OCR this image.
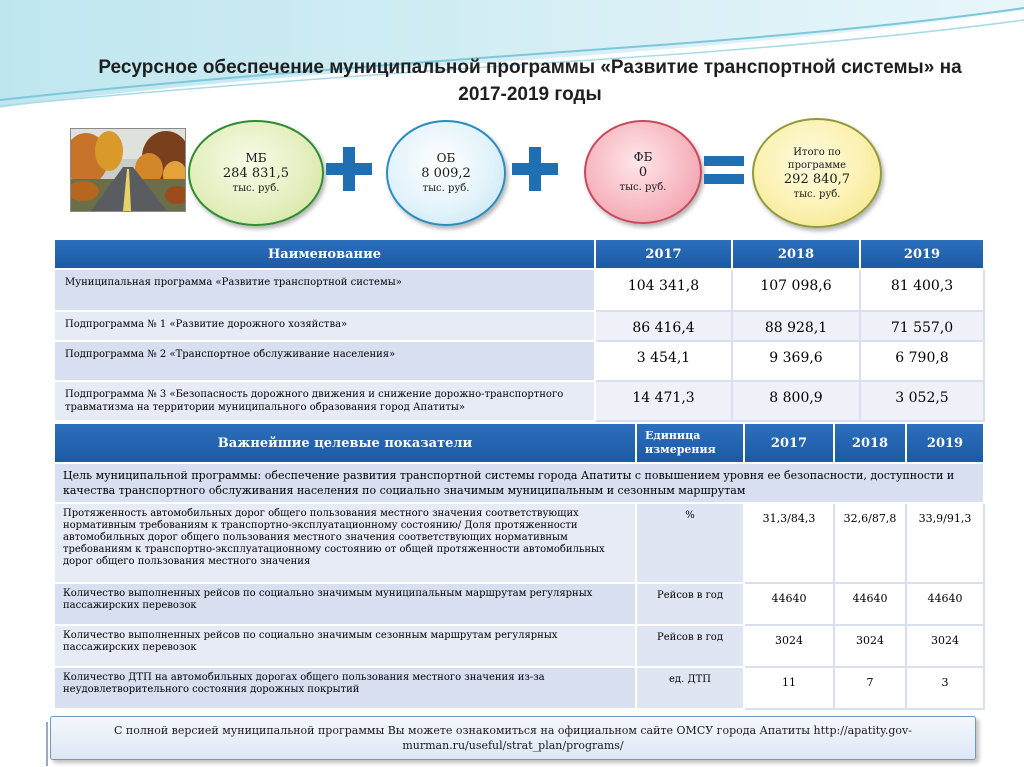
Ресурсное обеспечение муниципальной программы «Развитие транспортной системы» на
2017-2019 годы
МБ
284 831,5
тыс. руб.
ОБ
8 009,2
тыс. руб.
ФБ
0
тыс. руб.
Итого по
программе
292 840,7
тыс. руб.
Наименование	2017	2018	2019
Муниципальная программа «Развитие транспортной системы»	104 341,8	107 098,6	81 400,3
Подпрограмма № 1 «Развитие дорожного хозяйства»	86 416,4	88 928,1	71 557,0
Подпрограмма № 2 «Транспортное обслуживание населения»	3 454,1	9 369,6	6 790,8
Подпрограмма № 3 «Безопасность дорожного движения и снижение дорожно-транспортного травматизма на территории муниципального образования город Апатиты»	14 471,3	8 800,9	3 052,5
Важнейшие целевые показатели	Единица измерения	2017	2018	2019
Цель муниципальной программы: обеспечение развития транспортной системы города Апатиты с повышением уровня ее безопасности, доступности и качества транспортного обслуживания населения по социально значимым муниципальным и сезонным маршрутам				
Протяженность автомобильных дорог общего пользования местного значения соответствующих нормативным требованиям к транспортно-эксплуатационному состоянию/ Доля протяженности автомобильных дорог общего пользования местного значения соответствующих нормативным требованиям к транспортно-эксплуатационному состоянию от общей протяженности автомобильных дорог общего пользования местного значения	%	31,3/84,3	32,6/87,8	33,9/91,3
Количество выполненных рейсов по социально значимым муниципальным маршрутам регулярных пассажирских перевозок	Рейсов в год	44640	44640	44640
Количество выполненных рейсов по социально значимым сезонным маршрутам регулярных пассажирских перевозок	Рейсов в год	3024	3024	3024
Количество ДТП на автомобильных дорогах общего пользования местного значения из-за неудовлетворительного состояния дорожных покрытий	ед. ДТП	11	7	3
С полной версией муниципальной программы Вы можете ознакомиться на официальном сайте ОМСУ города Апатиты http://apatity.gov-murman.ru/useful/strat_plan/programs/
